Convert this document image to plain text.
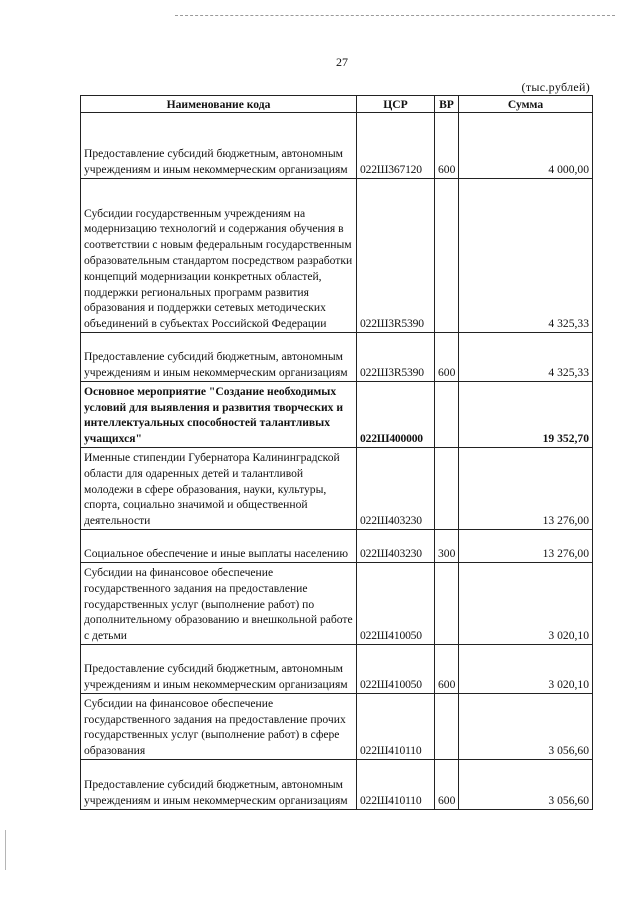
27
(тыс.рублей)
Наименование кода	ЦСР	ВР	Сумма
Предоставление субсидий бюджетным, автономным учреждениям и иным некоммерческим организациям	022Ш367120	600	4 000,00
Субсидии государственным учреждениям на модернизацию технологий и содержания обучения в соответствии с новым федеральным государственным образовательным стандартом посредством разработки концепций модернизации конкретных областей, поддержки региональных программ развития образования и поддержки сетевых методических объединений в субъектах Российской Федерации	022Ш3R5390		4 325,33
Предоставление субсидий бюджетным, автономным учреждениям и иным некоммерческим организациям	022Ш3R5390	600	4 325,33
Основное мероприятие "Создание необходимых условий для выявления и развития творческих и интеллектуальных способностей талантливых учащихся"	022Ш400000		19 352,70
Именные стипендии Губернатора Калининградской области для одаренных детей и талантливой молодежи в сфере образования, науки, культуры, спорта, социально значимой и общественной деятельности	022Ш403230		13 276,00
Социальное обеспечение и иные выплаты населению	022Ш403230	300	13 276,00
Субсидии на финансовое обеспечение государственного задания на предоставление государственных услуг (выполнение работ) по дополнительному образованию и внешкольной работе с детьми	022Ш410050		3 020,10
Предоставление субсидий бюджетным, автономным учреждениям и иным некоммерческим организациям	022Ш410050	600	3 020,10
Субсидии на финансовое обеспечение государственного задания на предоставление прочих государственных услуг (выполнение работ) в сфере образования	022Ш410110		3 056,60
Предоставление субсидий бюджетным, автономным учреждениям и иным некоммерческим организациям	022Ш410110	600	3 056,60
